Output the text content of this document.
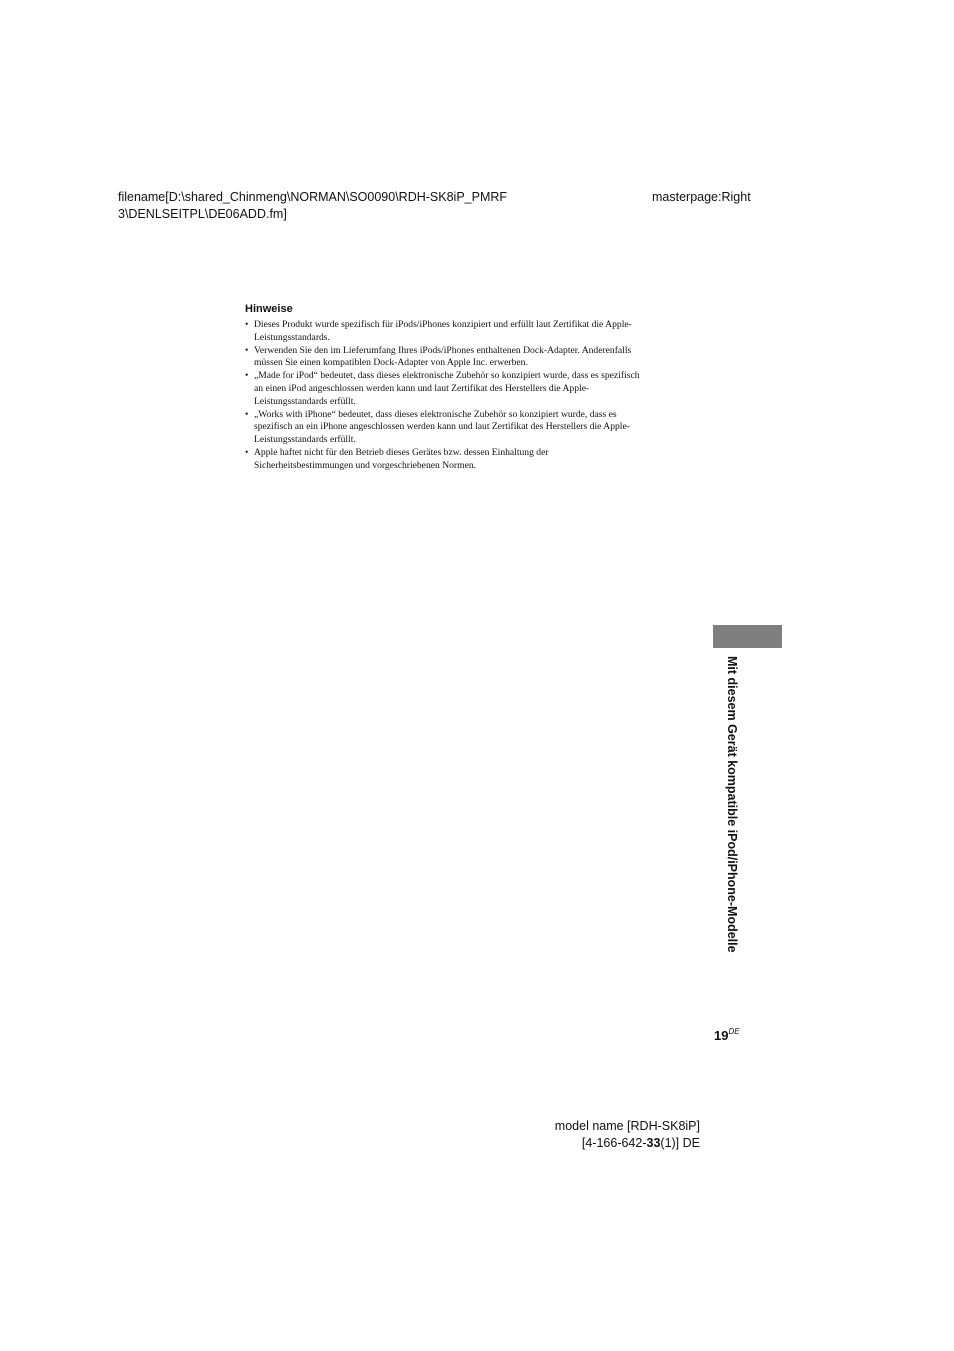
filename[D:\shared_Chinmeng\NORMAN\SO0090\RDH-SK8iP_PMRF
3\DENLSEITPL\DE06ADD.fm]
masterpage:Right
Hinweise
• Dieses Produkt wurde spezifisch für iPods/iPhones konzipiert und erfüllt laut Zertifikat die Apple-
Leistungsstandards.
• Verwenden Sie den im Lieferumfang Ihres iPods/iPhones enthaltenen Dock-Adapter. Anderenfalls
müssen Sie einen kompatiblen Dock-Adapter von Apple Inc. erwerben.
• „Made for iPod“ bedeutet, dass dieses elektronische Zubehör so konzipiert wurde, dass es spezifisch
an einen iPod angeschlossen werden kann und laut Zertifikat des Herstellers die Apple-
Leistungsstandards erfüllt.
• „Works with iPhone“ bedeutet, dass dieses elektronische Zubehör so konzipiert wurde, dass es
spezifisch an ein iPhone angeschlossen werden kann und laut Zertifikat des Herstellers die Apple-
Leistungsstandards erfüllt.
• Apple haftet nicht für den Betrieb dieses Gerätes bzw. dessen Einhaltung der
Sicherheitsbestimmungen und vorgeschriebenen Normen.
Mit diesem Gerät kompatible iPod/iPhone-Modelle
19DE
model name [RDH-SK8iP]
[4-166-642-33(1)] DE
